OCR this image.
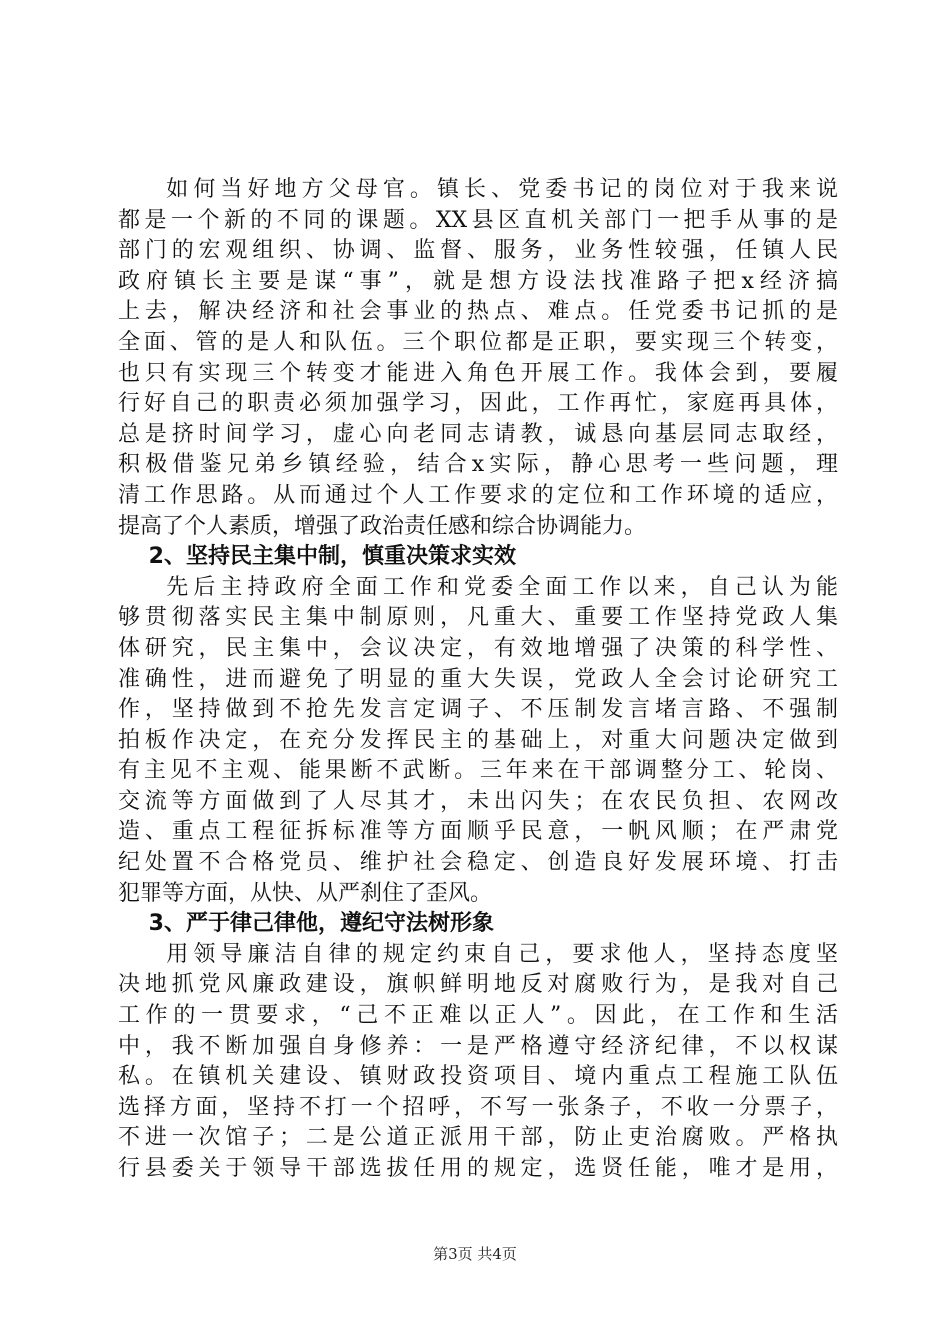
如何当好地方父母官。镇长、党委书记的岗位对于我来说
都是一个新的不同的课题。XX县区直机关部门一把手从事的是
部门的宏观组织、协调、监督、服务，业务性较强，任镇人民
政府镇长主要是谋“事”，就是想方设法找准路子把x经济搞
上去，解决经济和社会事业的热点、难点。任党委书记抓的是
全面、管的是人和队伍。三个职位都是正职，要实现三个转变，
也只有实现三个转变才能进入角色开展工作。我体会到，要履
行好自己的职责必须加强学习，因此，工作再忙，家庭再具体，
总是挤时间学习，虚心向老同志请教，诚恳向基层同志取经，
积极借鉴兄弟乡镇经验，结合x实际，静心思考一些问题，理
清工作思路。从而通过个人工作要求的定位和工作环境的适应，
提高了个人素质，增强了政治责任感和综合协调能力。
2、坚持民主集中制，慎重决策求实效
先后主持政府全面工作和党委全面工作以来，自己认为能
够贯彻落实民主集中制原则，凡重大、重要工作坚持党政人集
体研究，民主集中，会议决定，有效地增强了决策的科学性、
准确性，进而避免了明显的重大失误，党政人全会讨论研究工
作，坚持做到不抢先发言定调子、不压制发言堵言路、不强制
拍板作决定，在充分发挥民主的基础上，对重大问题决定做到
有主见不主观、能果断不武断。三年来在干部调整分工、轮岗、
交流等方面做到了人尽其才，未出闪失；在农民负担、农网改
造、重点工程征拆标准等方面顺乎民意，一帆风顺；在严肃党
纪处置不合格党员、维护社会稳定、创造良好发展环境、打击
犯罪等方面，从快、从严刹住了歪风。
3、严于律己律他，遵纪守法树形象
用领导廉洁自律的规定约束自己，要求他人，坚持态度坚
决地抓党风廉政建设，旗帜鲜明地反对腐败行为，是我对自己
工作的一贯要求，“己不正难以正人”。因此，在工作和生活
中，我不断加强自身修养：一是严格遵守经济纪律，不以权谋
私。在镇机关建设、镇财政投资项目、境内重点工程施工队伍
选择方面，坚持不打一个招呼，不写一张条子，不收一分票子，
不进一次馆子；二是公道正派用干部，防止吏治腐败。严格执
行县委关于领导干部选拔任用的规定，选贤任能，唯才是用，
第3页 共4页
